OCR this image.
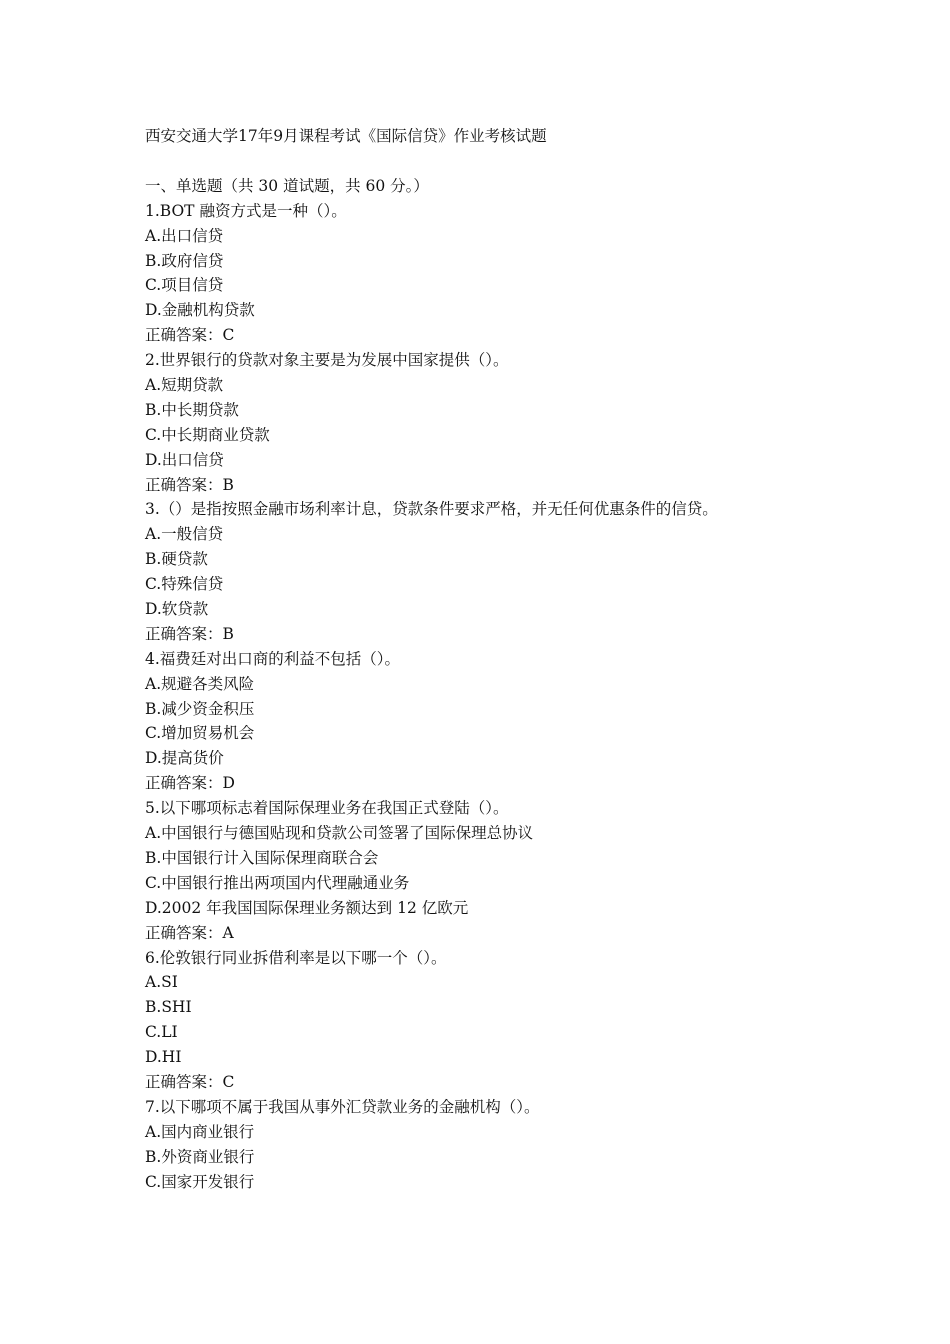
西安交通大学17年9月课程考试《国际信贷》作业考核试题
一、单选题（共 30 道试题，共 60 分。）
1.BOT 融资方式是一种（）。
A.出口信贷
B.政府信贷
C.项目信贷
D.金融机构贷款
正确答案：C
2.世界银行的贷款对象主要是为发展中国家提供（）。
A.短期贷款
B.中长期贷款
C.中长期商业贷款
D.出口信贷
正确答案：B
3.（）是指按照金融市场利率计息，贷款条件要求严格，并无任何优惠条件的信贷。
A.一般信贷
B.硬贷款
C.特殊信贷
D.软贷款
正确答案：B
4.福费廷对出口商的利益不包括（）。
A.规避各类风险
B.减少资金积压
C.增加贸易机会
D.提高货价
正确答案：D
5.以下哪项标志着国际保理业务在我国正式登陆（）。
A.中国银行与德国贴现和贷款公司签署了国际保理总协议
B.中国银行计入国际保理商联合会
C.中国银行推出两项国内代理融通业务
D.2002 年我国国际保理业务额达到 12 亿欧元
正确答案：A
6.伦敦银行同业拆借利率是以下哪一个（）。
A.SI
B.SHI
C.LI
D.HI
正确答案：C
7.以下哪项不属于我国从事外汇贷款业务的金融机构（）。
A.国内商业银行
B.外资商业银行
C.国家开发银行
